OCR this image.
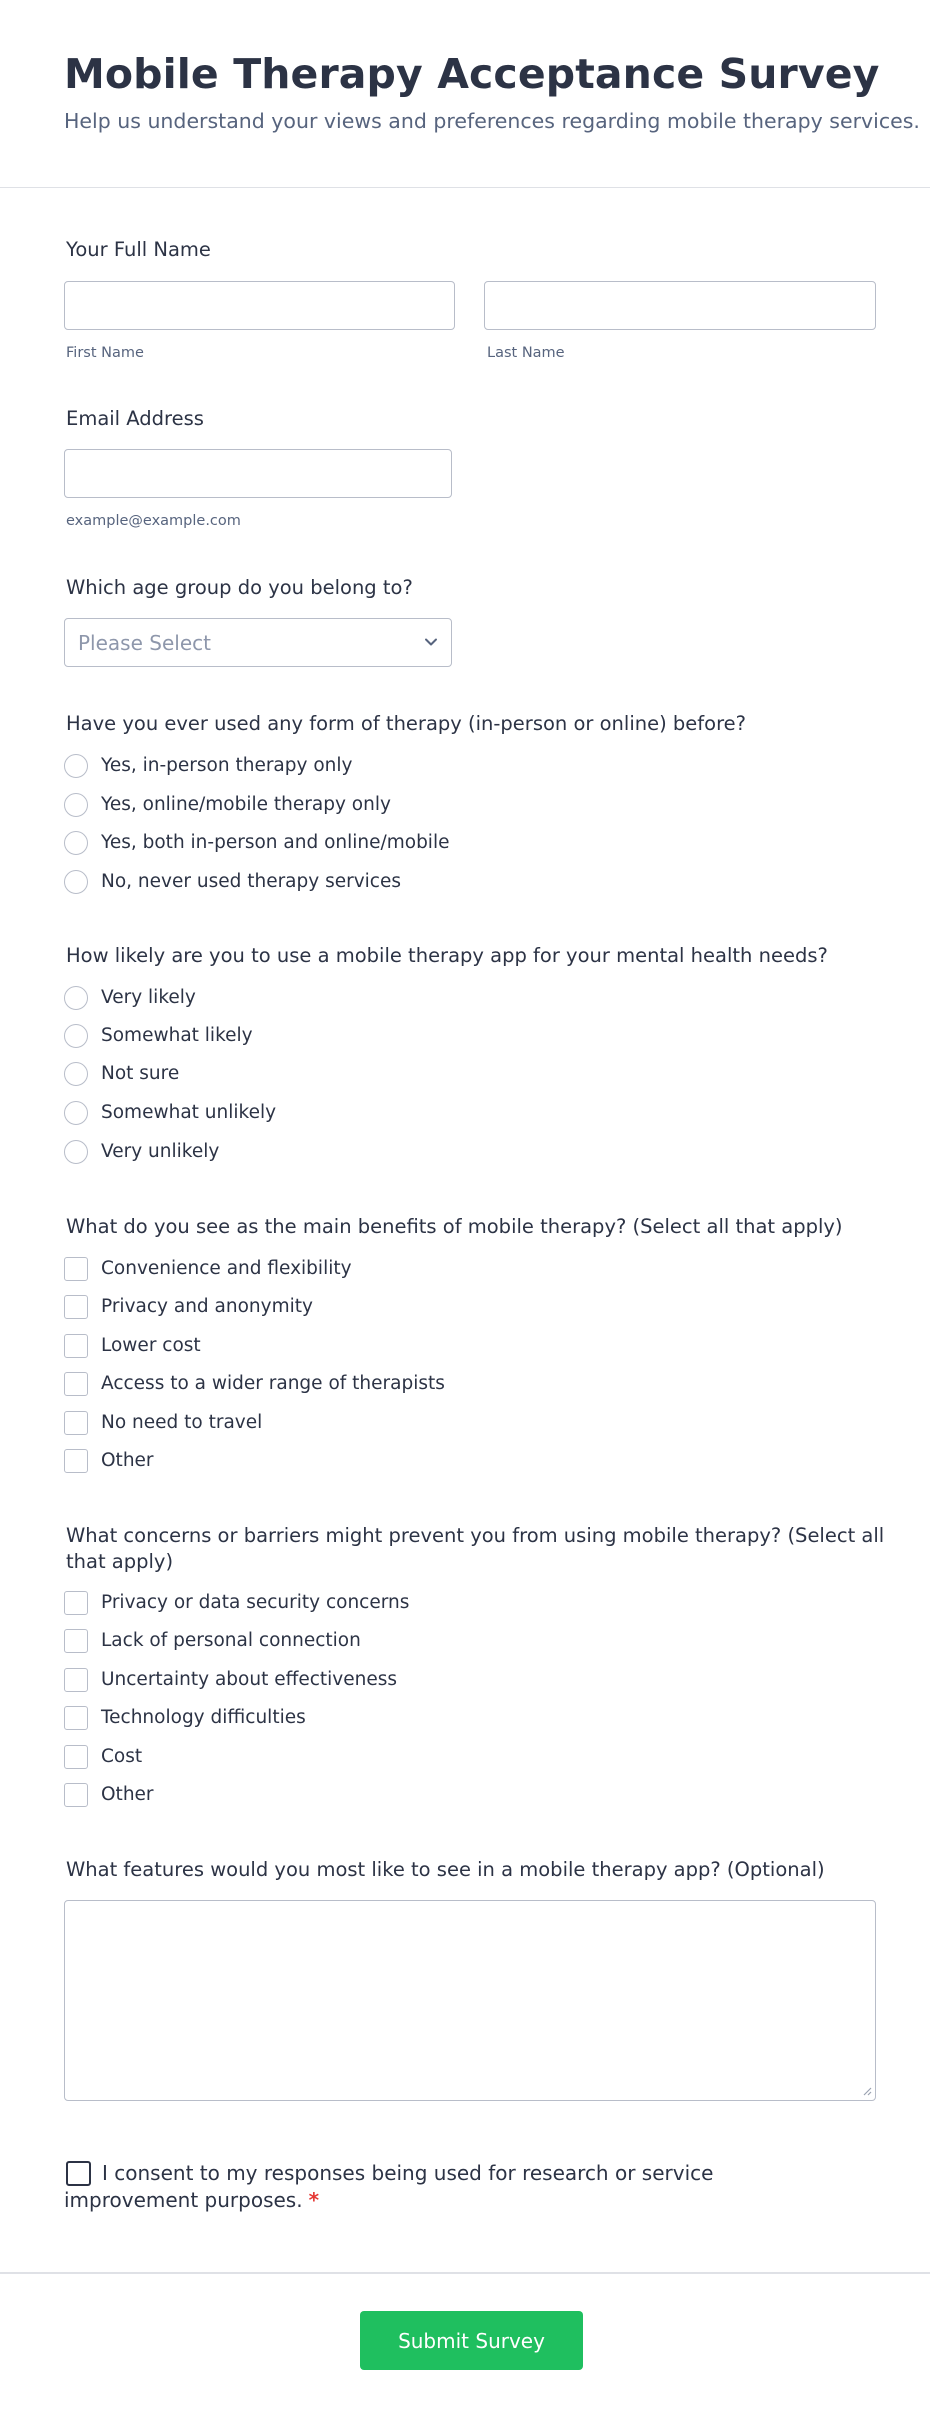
Mobile Therapy Acceptance Survey

Help us understand your views and preferences regarding mobile therapy services.

Your Full Name
First Name	Last Name
Email Address
example@example.com
Which age group do you belong to?
Please Select
Have you ever used any form of therapy (in-person or online) before?
Yes, in-person therapy only
Yes, online/mobile therapy only
Yes, both in-person and online/mobile
No, never used therapy services
How likely are you to use a mobile therapy app for your mental health needs?
Very likely
Somewhat likely
Not sure
Somewhat unlikely
Very unlikely
What do you see as the main benefits of mobile therapy? (Select all that apply)
Convenience and flexibility
Privacy and anonymity
Lower cost
Access to a wider range of therapists
No need to travel
Other
What concerns or barriers might prevent you from using mobile therapy? (Select all that apply)
Privacy or data security concerns
Lack of personal connection
Uncertainty about effectiveness
Technology difficulties
Cost
Other
What features would you most like to see in a mobile therapy app? (Optional)
I consent to my responses being used for research or service
improvement purposes. *
Submit Survey
